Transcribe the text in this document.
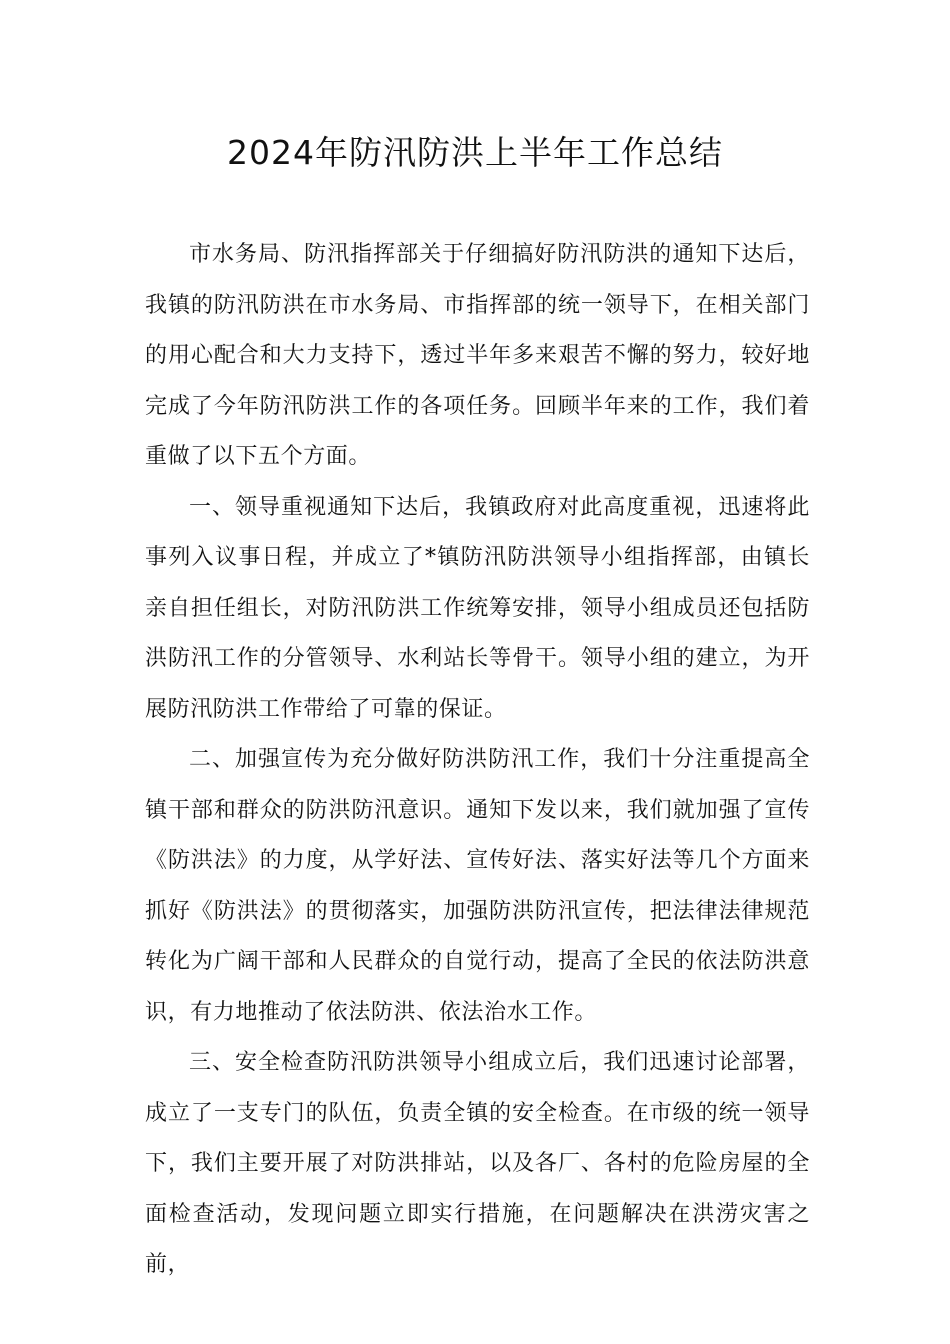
2024年防汛防洪上半年工作总结

市水务局、防汛指挥部关于仔细搞好防汛防洪的通知下达后，我镇的防汛防洪在市水务局、市指挥部的统一领导下，在相关部门的用心配合和大力支持下，透过半年多来艰苦不懈的努力，较好地完成了今年防汛防洪工作的各项任务。回顾半年来的工作，我们着重做了以下五个方面。

一、领导重视通知下达后，我镇政府对此高度重视，迅速将此事列入议事日程，并成立了*镇防汛防洪领导小组指挥部，由镇长亲自担任组长，对防汛防洪工作统筹安排，领导小组成员还包括防洪防汛工作的分管领导、水利站长等骨干。领导小组的建立，为开展防汛防洪工作带给了可靠的保证。

二、加强宣传为充分做好防洪防汛工作，我们十分注重提高全镇干部和群众的防洪防汛意识。通知下发以来，我们就加强了宣传《防洪法》的力度，从学好法、宣传好法、落实好法等几个方面来抓好《防洪法》的贯彻落实，加强防洪防汛宣传，把法律法律规范转化为广阔干部和人民群众的自觉行动，提高了全民的依法防洪意识，有力地推动了依法防洪、依法治水工作。

三、安全检查防汛防洪领导小组成立后，我们迅速讨论部署，成立了一支专门的队伍，负责全镇的安全检查。在市级的统一领导下，我们主要开展了对防洪排站，以及各厂、各村的危险房屋的全面检查活动，发现问题立即实行措施，在问题解决在洪涝灾害之前，
